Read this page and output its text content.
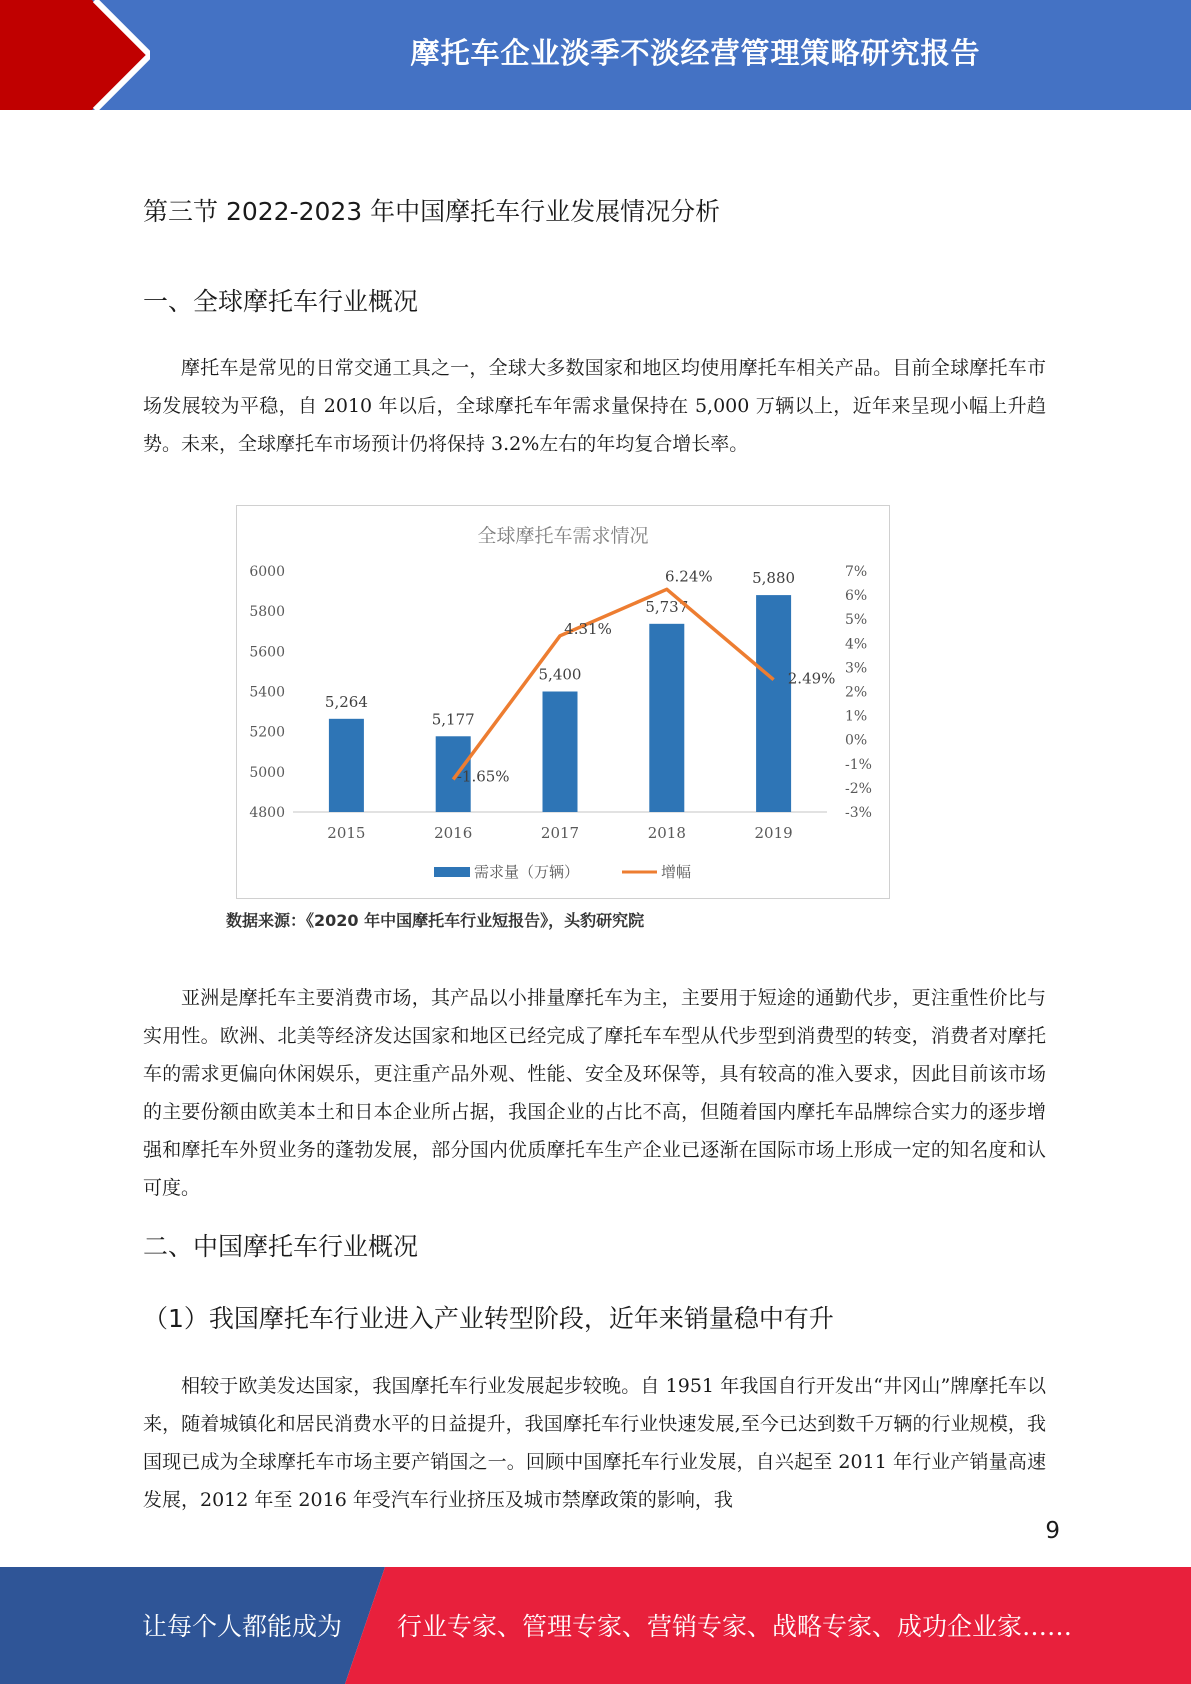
摩托车企业淡季不淡经营管理策略研究报告
第三节 2022-2023 年中国摩托车行业发展情况分析
一、全球摩托车行业概况
摩托车是常见的日常交通工具之一，全球大多数国家和地区均使用摩托车相关产品。目前全球摩托车市场发展较为平稳，自 2010 年以后，全球摩托车年需求量保持在 5,000 万辆以上，近年来呈现小幅上升趋势。未来，全球摩托车市场预计仍将保持 3.2%左右的年均复合增长率。
全球摩托车需求情况
4800
5000
5200
5400
5600
5800
6000
-3%
-2%
-1%
0%
1%
2%
3%
4%
5%
6%
7%
5,264
5,177
5,400
5,737
5,880
2015	2016	2017	2018	2019
-1.65%
4.31%
6.24%
2.49%
需求量（万辆）	增幅
数据来源：《2020 年中国摩托车行业短报告》，头豹研究院
亚洲是摩托车主要消费市场，其产品以小排量摩托车为主，主要用于短途的通勤代步，更注重性价比与实用性。欧洲、北美等经济发达国家和地区已经完成了摩托车车型从代步型到消费型的转变，消费者对摩托车的需求更偏向休闲娱乐，更注重产品外观、性能、安全及环保等，具有较高的准入要求，因此目前该市场的主要份额由欧美本土和日本企业所占据，我国企业的占比不高，但随着国内摩托车品牌综合实力的逐步增强和摩托车外贸业务的蓬勃发展，部分国内优质摩托车生产企业已逐渐在国际市场上形成一定的知名度和认可度。
二、中国摩托车行业概况
（1）我国摩托车行业进入产业转型阶段，近年来销量稳中有升
相较于欧美发达国家，我国摩托车行业发展起步较晚。自 1951 年我国自行开发出“井冈山”牌摩托车以来，随着城镇化和居民消费水平的日益提升，我国摩托车行业快速发展,至今已达到数千万辆的行业规模，我国现已成为全球摩托车市场主要产销国之一。回顾中国摩托车行业发展，自兴起至 2011 年行业产销量高速发展，2012 年至 2016 年受汽车行业挤压及城市禁摩政策的影响，我
9
让每个人都能成为 行业专家、管理专家、营销专家、战略专家、成功企业家……
